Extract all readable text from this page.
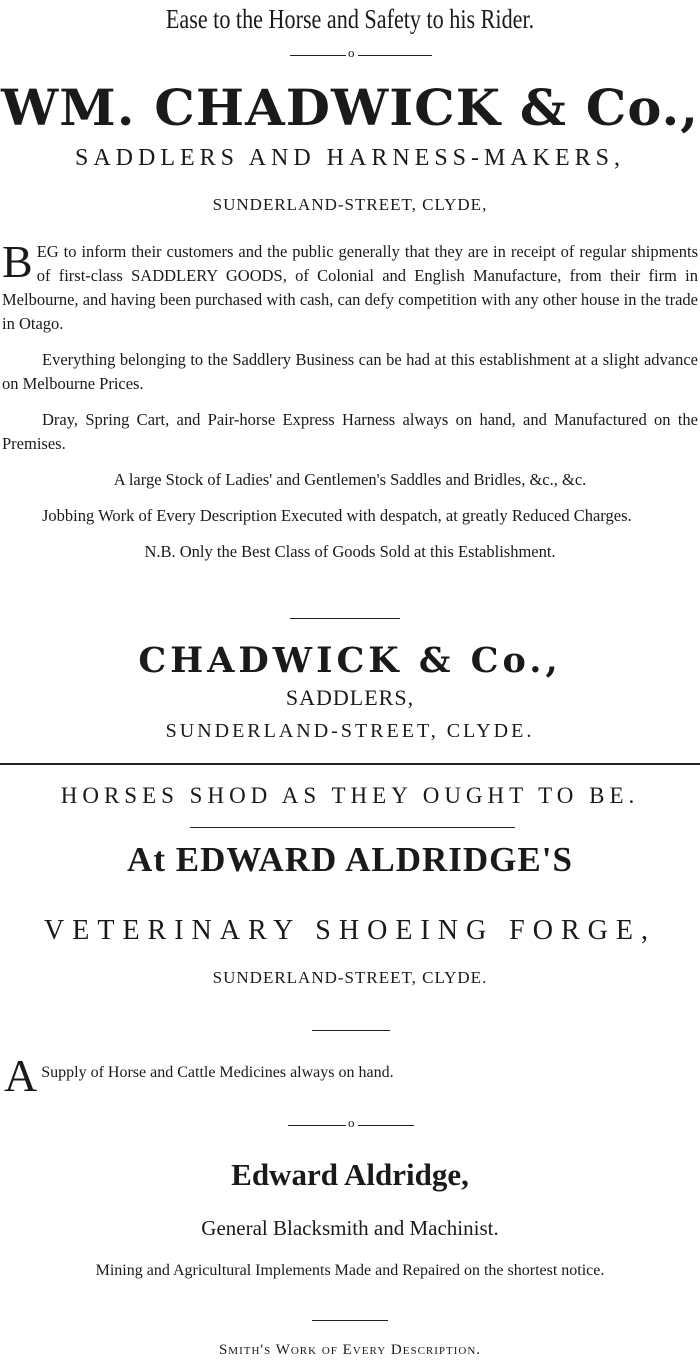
Ease to the Horse and Safety to his Rider.
o
WM. CHADWICK & Co.,
SADDLERS AND HARNESS-MAKERS,
SUNDERLAND-STREET, CLYDE,
BEG to inform their customers and the public generally that they are in receipt of regular shipments of first-class SADDLERY GOODS, of Colonial and English Manufacture, from their firm in Melbourne, and having been purchased with cash, can defy competition with any other house in the trade in Otago.
Everything belonging to the Saddlery Business can be had at this establishment at a slight advance on Melbourne Prices.
Dray, Spring Cart, and Pair-horse Express Harness always on hand, and Manufactured on the Premises.
A large Stock of Ladies' and Gentlemen's Saddles and Bridles, &c., &c.
Jobbing Work of Every Description Executed with despatch, at greatly Reduced Charges.
N.B. Only the Best Class of Goods Sold at this Establishment.
CHADWICK & Co.,
SADDLERS,
SUNDERLAND-STREET, CLYDE.
HORSES SHOD AS THEY OUGHT TO BE.
At EDWARD ALDRIDGE'S
VETERINARY SHOEING FORGE,
SUNDERLAND-STREET, CLYDE.
A Supply of Horse and Cattle Medicines always on hand.
o
Edward Aldridge,
General Blacksmith and Machinist.
Mining and Agricultural Implements Made and Repaired on the shortest notice.
Smith's Work of Every Description.
